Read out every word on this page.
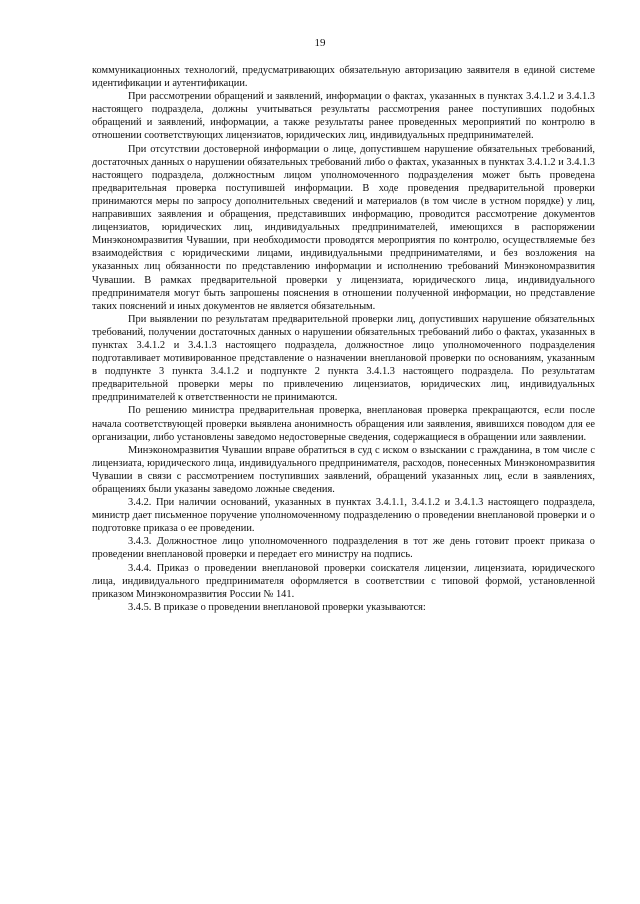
19

коммуникационных технологий, предусматривающих обязательную авторизацию заявителя в единой системе идентификации и аутентификации.

При рассмотрении обращений и заявлений, информации о фактах, указанных в пунктах 3.4.1.2 и 3.4.1.3 настоящего подраздела, должны учитываться результаты рассмотрения ранее поступивших подобных обращений и заявлений, информации, а также результаты ранее проведенных мероприятий по контролю в отношении соответствующих лицензиатов, юридических лиц, индивидуальных предпринимателей.

При отсутствии достоверной информации о лице, допустившем нарушение обязательных требований, достаточных данных о нарушении обязательных требований либо о фактах, указанных в пунктах 3.4.1.2 и 3.4.1.3 настоящего подраздела, должностным лицом уполномоченного подразделения может быть проведена предварительная проверка поступившей информации. В ходе проведения предварительной проверки принимаются меры по запросу дополнительных сведений и материалов (в том числе в устном порядке) у лиц, направивших заявления и обращения, представивших информацию, проводится рассмотрение документов лицензиатов, юридических лиц, индивидуальных предпринимателей, имеющихся в распоряжении Минэкономразвития Чувашии, при необходимости проводятся мероприятия по контролю, осуществляемые без взаимодействия с юридическими лицами, индивидуальными предпринимателями, и без возложения на указанных лиц обязанности по представлению информации и исполнению требований Минэкономразвития Чувашии. В рамках предварительной проверки у лицензиата, юридического лица, индивидуального предпринимателя могут быть запрошены пояснения в отношении полученной информации, но представление таких пояснений и иных документов не является обязательным.

При выявлении по результатам предварительной проверки лиц, допустивших нарушение обязательных требований, получении достаточных данных о нарушении обязательных требований либо о фактах, указанных в пунктах 3.4.1.2 и 3.4.1.3 настоящего подраздела, должностное лицо уполномоченного подразделения подготавливает мотивированное представление о назначении внеплановой проверки по основаниям, указанным в подпункте 3 пункта 3.4.1.2 и подпункте 2 пункта 3.4.1.3 настоящего подраздела. По результатам предварительной проверки меры по привлечению лицензиатов, юридических лиц, индивидуальных предпринимателей к ответственности не принимаются.

По решению министра предварительная проверка, внеплановая проверка прекращаются, если после начала соответствующей проверки выявлена анонимность обращения или заявления, явившихся поводом для ее организации, либо установлены заведомо недостоверные сведения, содержащиеся в обращении или заявлении.

Минэкономразвития Чувашии вправе обратиться в суд с иском о взыскании с гражданина, в том числе с лицензиата, юридического лица, индивидуального предпринимателя, расходов, понесенных Минэкономразвития Чувашии в связи с рассмотрением поступивших заявлений, обращений указанных лиц, если в заявлениях, обращениях были указаны заведомо ложные сведения.

3.4.2. При наличии оснований, указанных в пунктах 3.4.1.1, 3.4.1.2 и 3.4.1.3 настоящего подраздела, министр дает письменное поручение уполномоченному подразделению о проведении внеплановой проверки и о подготовке приказа о ее проведении.

3.4.3. Должностное лицо уполномоченного подразделения в тот же день готовит проект приказа о проведении внеплановой проверки и передает его министру на подпись.

3.4.4. Приказ о проведении внеплановой проверки соискателя лицензии, лицензиата, юридического лица, индивидуального предпринимателя оформляется в соответствии с типовой формой, установленной приказом Минэкономразвития России № 141.

3.4.5. В приказе о проведении внеплановой проверки указываются:
